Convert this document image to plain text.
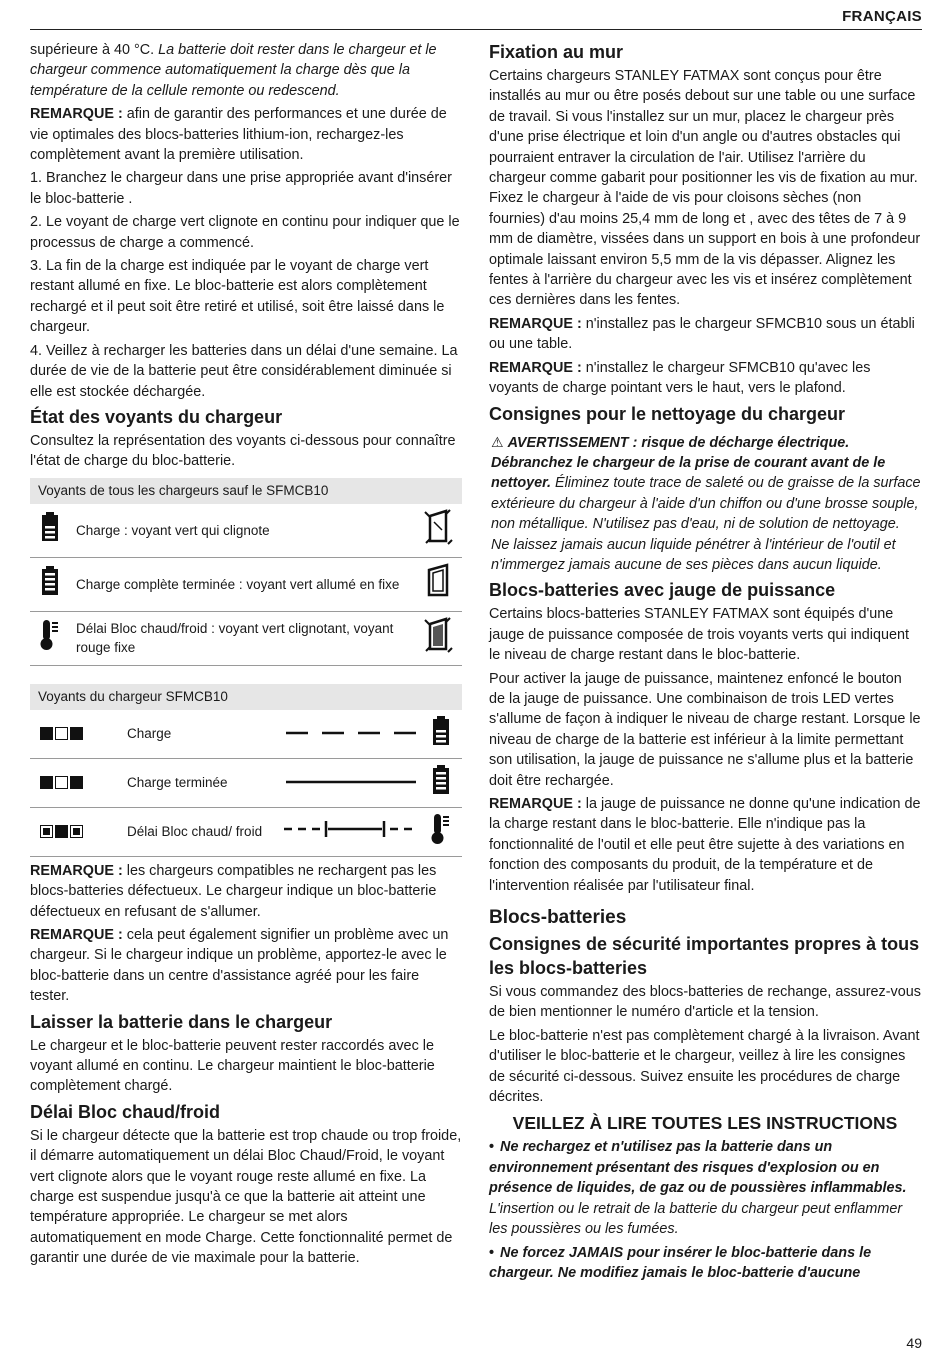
FRANÇAIS

supérieure à 40 °C. La batterie doit rester dans le chargeur et le chargeur commence automatiquement la charge dès que la température de la cellule remonte ou redescend.

REMARQUE : afin de garantir des performances et une durée de vie optimales des blocs-batteries lithium-ion, rechargez-les complètement avant la première utilisation.

1. Branchez le chargeur dans une prise appropriée avant d'insérer le bloc-batterie .

2. Le voyant de charge vert clignote en continu pour indiquer que le processus de charge a commencé.

3. La fin de la charge est indiquée par le voyant de charge vert restant allumé en fixe. Le bloc-batterie est alors complètement rechargé et il peut soit être retiré et utilisé, soit être laissé dans le chargeur.

4. Veillez à recharger les batteries dans un délai d'une semaine. La durée de vie de la batterie peut être considérablement diminuée si elle est stockée déchargée.

État des voyants du chargeur

Consultez la représentation des voyants ci-dessous pour connaître l'état de charge du bloc-batterie.

Voyants de tous les chargeurs sauf le SFMCB10		
	Charge : voyant vert qui clignote	
	Charge complète terminée : voyant vert allumé en fixe	
	Délai Bloc chaud/froid : voyant vert clignotant, voyant rouge fixe	
Voyants du chargeur SFMCB10			
	Charge		
	Charge terminée		
	Délai Bloc chaud/ froid		

REMARQUE : les chargeurs compatibles ne rechargent pas les blocs-batteries défectueux. Le chargeur indique un bloc-batterie défectueux en refusant de s'allumer.

REMARQUE : cela peut également signifier un problème avec un chargeur. Si le chargeur indique un problème, apportez-le avec le bloc-batterie dans un centre d'assistance agréé pour les faire tester.

Laisser la batterie dans le chargeur

Le chargeur et le bloc-batterie peuvent rester raccordés avec le voyant allumé en continu. Le chargeur maintient le bloc-batterie complètement chargé.

Délai Bloc chaud/froid

Si le chargeur détecte que la batterie est trop chaude ou trop froide, il démarre automatiquement un délai Bloc Chaud/Froid, le voyant vert clignote alors que le voyant rouge reste allumé en fixe. La charge est suspendue jusqu'à ce que la batterie ait atteint une température appropriée. Le chargeur se met alors automatiquement en mode Charge. Cette fonctionnalité permet de garantir une durée de vie maximale pour la batterie.

Fixation au mur

Certains chargeurs STANLEY FATMAX sont conçus pour être installés au mur ou être posés debout sur une table ou une surface de travail. Si vous l'installez sur un mur, placez le chargeur près d'une prise électrique et loin d'un angle ou d'autres obstacles qui pourraient entraver la circulation de l'air. Utilisez l'arrière du chargeur comme gabarit pour positionner les vis de fixation au mur. Fixez le chargeur à l'aide de vis pour cloisons sèches (non fournies) d'au moins 25,4 mm de long et , avec des têtes de 7 à 9 mm de diamètre, vissées dans un support en bois à une profondeur optimale laissant environ 5,5 mm de la vis dépasser. Alignez les fentes à l'arrière du chargeur avec les vis et insérez complètement ces dernières dans les fentes.

REMARQUE : n'installez pas le chargeur SFMCB10 sous un établi ou une table.

REMARQUE : n'installez le chargeur SFMCB10 qu'avec les voyants de charge pointant vers le haut, vers le plafond.

Consignes pour le nettoyage du chargeur

⚠ AVERTISSEMENT : risque de décharge électrique. Débranchez le chargeur de la prise de courant avant de le nettoyer. Éliminez toute trace de saleté ou de graisse de la surface extérieure du chargeur à l'aide d'un chiffon ou d'une brosse souple, non métallique. N'utilisez pas d'eau, ni de solution de nettoyage. Ne laissez jamais aucun liquide pénétrer à l'intérieur de l'outil et n'immergez jamais aucune de ses pièces dans aucun liquide.

Blocs-batteries avec jauge de puissance

Certains blocs-batteries STANLEY FATMAX sont équipés d'une jauge de puissance composée de trois voyants verts qui indiquent le niveau de charge restant dans le bloc-batterie.

Pour activer la jauge de puissance, maintenez enfoncé le bouton de la jauge de puissance. Une combinaison de trois LED vertes s'allume de façon à indiquer le niveau de charge restant. Lorsque le niveau de charge de la batterie est inférieur à la limite permettant son utilisation, la jauge de puissance ne s'allume plus et la batterie doit être rechargée.

REMARQUE : la jauge de puissance ne donne qu'une indication de la charge restant dans le bloc-batterie. Elle n'indique pas la fonctionnalité de l'outil et elle peut être sujette à des variations en fonction des composants du produit, de la température et de l'intervention réalisée par l'utilisateur final.

Blocs-batteries
Consignes de sécurité importantes propres à tous les blocs-batteries

Si vous commandez des blocs-batteries de rechange, assurez-vous de bien mentionner le numéro d'article et la tension.

Le bloc-batterie n'est pas complètement chargé à la livraison. Avant d'utiliser le bloc-batterie et le chargeur, veillez à lire les consignes de sécurité ci-dessous. Suivez ensuite les procédures de charge décrites.

VEILLEZ À LIRE TOUTES LES INSTRUCTIONS

• Ne rechargez et n'utilisez pas la batterie dans un environnement présentant des risques d'explosion ou en présence de liquides, de gaz ou de poussières inflammables. L'insertion ou le retrait de la batterie du chargeur peut enflammer les poussières ou les fumées.

• Ne forcez JAMAIS pour insérer le bloc-batterie dans le chargeur. Ne modifiez jamais le bloc-batterie d'aucune

49
